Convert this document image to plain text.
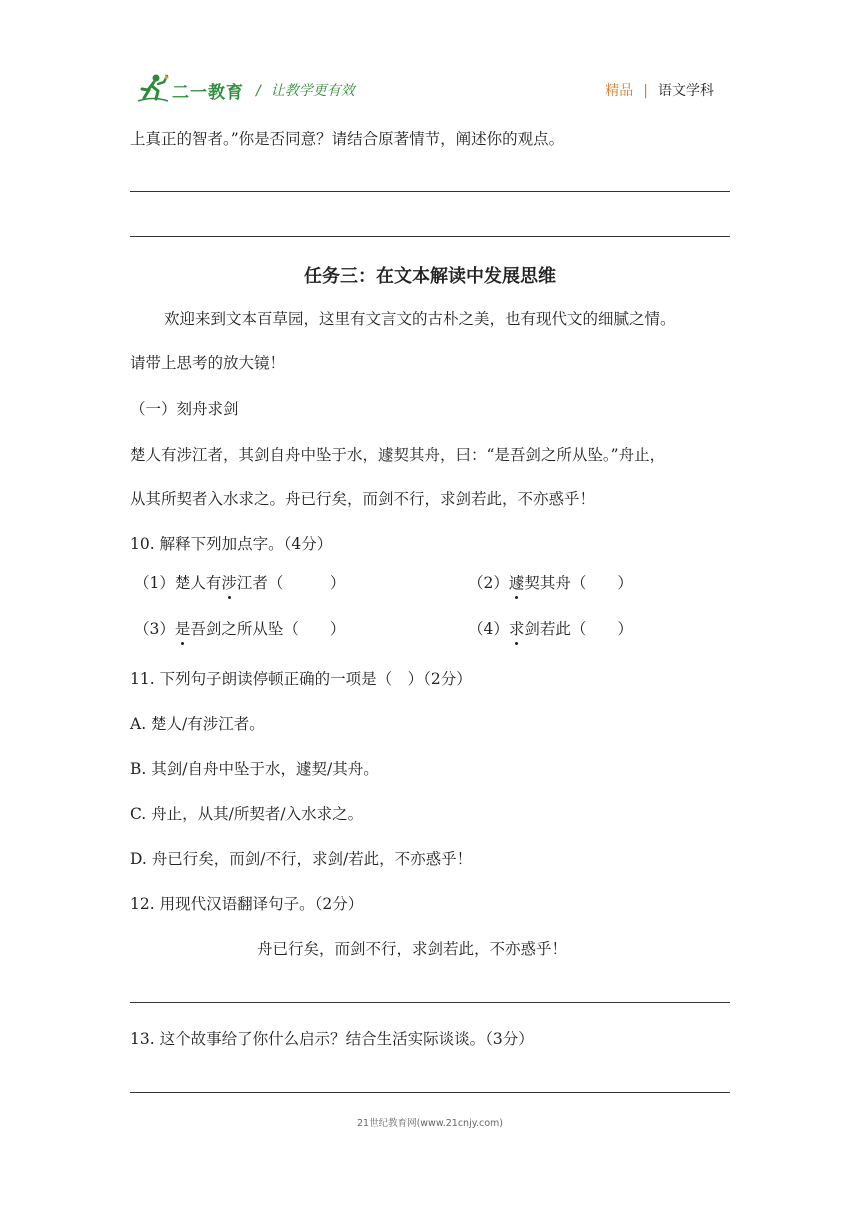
二一教育 / 让教学更有效	精品 | 语文学科
上真正的智者。”你是否同意？请结合原著情节，阐述你的观点。
任务三：在文本解读中发展思维
欢迎来到文本百草园，这里有文言文的古朴之美，也有现代文的细腻之情。
请带上思考的放大镜！
（一）刻舟求剑
楚人有涉江者，其剑自舟中坠于水，遽契其舟，曰：“是吾剑之所从坠。”舟止，
从其所契者入水求之。舟已行矣，而剑不行，求剑若此，不亦惑乎！
10. 解释下列加点字。（4分）
（1）楚人有涉江者（　　　）	（2）遽契其舟（　　）
（3）是吾剑之所从坠（　　）	（4）求剑若此（　　）
11. 下列句子朗读停顿正确的一项是（　）（2分）
A. 楚人/有涉江者。
B. 其剑/自舟中坠于水，遽契/其舟。
C. 舟止，从其/所契者/入水求之。
D. 舟已行矣，而剑/不行，求剑/若此，不亦惑乎！
12. 用现代汉语翻译句子。（2分）
舟已行矣，而剑不行，求剑若此，不亦惑乎！
13. 这个故事给了你什么启示？结合生活实际谈谈。（3分）
21世纪教育网(www.21cnjy.com)
